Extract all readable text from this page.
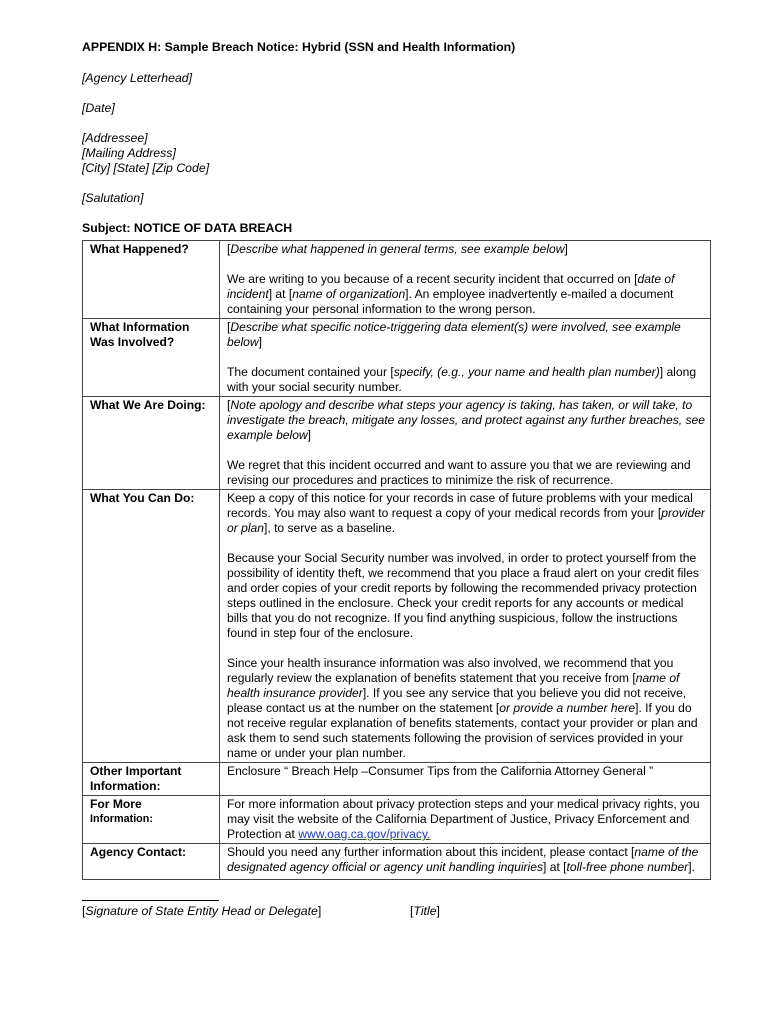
APPENDIX H: Sample Breach Notice: Hybrid (SSN and Health Information)
[Agency Letterhead]
[Date]
[Addressee]
[Mailing Address]
[City] [State] [Zip Code]
[Salutation]
Subject: NOTICE OF DATA BREACH
What Happened?	[Describe what happened in general terms, see example below]

We are writing to you because of a recent security incident that occurred on [date of incident] at [name of organization]. An employee inadvertently e-mailed a document containing your personal information to the wrong person.

What Information Was Involved?	[Describe what specific notice-triggering data element(s) were involved, see example below]

The document contained your [specify, (e.g., your name and health plan number)] along with your social security number.

What We Are Doing:	[Note apology and describe what steps your agency is taking, has taken, or will take, to investigate the breach, mitigate any losses, and protect against any further breaches, see example below]

We regret that this incident occurred and want to assure you that we are reviewing and revising our procedures and practices to minimize the risk of recurrence.

What You Can Do:	Keep a copy of this notice for your records in case of future problems with your medical records. You may also want to request a copy of your medical records from your [provider or plan], to serve as a baseline.

Because your Social Security number was involved, in order to protect yourself from the possibility of identity theft, we recommend that you place a fraud alert on your credit files and order copies of your credit reports by following the recommended privacy protection steps outlined in the enclosure. Check your credit reports for any accounts or medical bills that you do not recognize. If you find anything suspicious, follow the instructions found in step four of the enclosure.

Since your health insurance information was also involved, we recommend that you regularly review the explanation of benefits statement that you receive from [name of health insurance provider]. If you see any service that you believe you did not receive, please contact us at the number on the statement [or provide a number here]. If you do not receive regular explanation of benefits statements, contact your provider or plan and ask them to send such statements following the provision of services provided in your name or under your plan number.

Other Important Information:	Enclosure “ Breach Help –Consumer Tips from the California Attorney General ”

For More
Information:	For more information about privacy protection steps and your medical privacy rights, you may visit the website of the California Department of Justice, Privacy Enforcement and Protection at www.oag.ca.gov/privacy.
Agency Contact:	Should you need any further information about this incident, please contact [name of the designated agency official or agency unit handling inquiries] at [toll-free phone number].
[Signature of State Entity Head or Delegate]	[Title]
